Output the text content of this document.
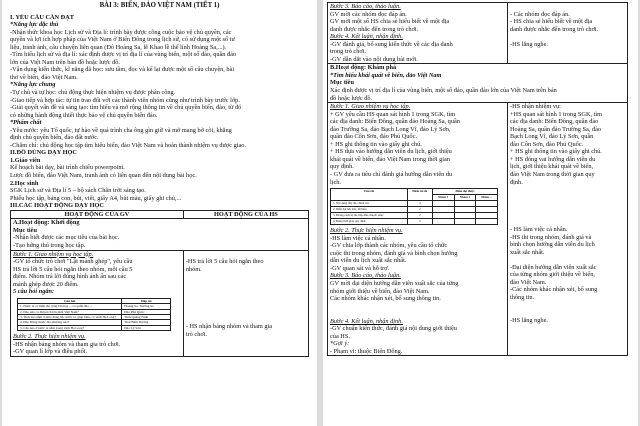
BÀI 3: BIỂN, ĐẢO VIỆT NAM (TIẾT 1)
I. YÊU CẦU CẦN ĐẠT
*Năng lực đặc thù
-Nhận thức khoa học Lịch sử và Địa lí: trình bày được công cuộc bảo vệ chủ quyền, các
quyền và lợi ích hợp pháp của Việt Nam ở Biển Đông trong lịch sử, có sử dụng một số tư
liệu, tranh ảnh, câu chuyện liên quan (Đô Hoàng Sa, lễ Khao lề thế lính Hoàng Sa,...).
-Tìm hiểu lịch sử và địa lí: xác định được vị trí địa lí của vùng biển, một số đảo, quần đảo
lớn của Việt Nam trên bản đồ hoặc lược đồ.
-Vận dụng kiến thức, kĩ năng đã học: sưu tầm, đọc và kể lại được một số câu chuyện, bài
thơ về biển, đảo Việt Nam.
*Năng lực chung
-Tự chủ và tự học: chủ động thực hiện nhiệm vụ được phân công.
-Giao tiếp và hợp tác: tự tin trao đổi với các thành viên nhóm cũng như trình bày trước lớp.
-Giải quyết vấn đề và sáng tạo: tìm hiểu và mở rộng thông tin về chủ quyền biển, đảo, từ đó
có những hành động thiết thực bảo vệ chủ quyền biển đảo.
*Phẩm chất
-Yêu nước: yêu Tổ quốc, tự hào về quá trình cha ông gìn giữ và mở mang bờ cõi, khẳng
định chủ quyền biển, đảo đất nước.
-Chăm chỉ: chủ động học tập tìm hiểu biển, đảo Việt Nam và hoàn thành nhiệm vụ được giao.
II.ĐỒ DÙNG DẠY HỌC
1.Giáo viên
Kế hoạch bài dạy, bài trình chiếu powerpoint.
Lược đồ biển, đảo Việt Nam, tranh ảnh có liên quan đến nội dung bài học.
2.Học sinh
SGK Lịch sử và Địa lí 5 – bộ sách Chân trời sáng tạo.
Phiếu học tập, bảng con, bút, viết, giấy A4, bút màu, giấy ghi chú,...
III.CÁC HOẠT ĐỘNG DẠY HỌC
HOẠT ĐỘNG CỦA GV	HOẠT ĐỘNG CỦA HS

A.Hoạt động: Khởi động
Mục tiêu
-Nhận biết được các mục tiêu của bài học.
-Tạo hứng thú trong học tập.

Bước 1. Giao nhiệm vụ học tập.
-GV tổ chức trò chơi "Lật mảnh ghép", yêu cầu
HS trả lời 5 câu hỏi ngắn theo nhóm, mỗi câu 5
điểm. Nhóm trả lời đúng hình ảnh ẩn sau các
mảnh ghép được 20 điểm.
5 câu hỏi ngắn:
Câu hỏi	Đáp án
1. Nước ta có lãnh thổ rộng lớn hay ... có quần đảo ...	Hoàng Sa, Trường Sa
2. Đảo nào có diện tích lớn nhất Việt Nam?	Đảo Phú Quốc
3. Tỉnh nào nằm ở phía đông bắc nước ta, giáp biển, có vịnh Hạ Long?	Tỉnh Quảng Ninh
4. Đảo Đông thuộc địa phương nào?	Thái Bình Dương
5. Câu nào ở nước ta nằm trong vịnh Hạ Long?	Đảo Lý Sơn
Bước 2. Thực hiện nhiệm vụ.
-HS nhận bảng nhóm và tham gia trò chơi.
-GV quan lí lớp và điều phối.

-HS trả lời 5 câu hỏi ngắn theo
nhóm.
- HS nhận bảng nhóm và tham gia
trò chơi.
Bước 3. Báo cáo, thảo luận.
GV mời các nhóm đọc đáp án.
GV mời một số HS chia sẻ hiểu biết về một địa
danh được nhắc đến trong trò chơi.
Bước 4. Kết luận, nhận định.
-GV đánh giá, bổ sung kiến thức về các địa danh
trong trò chơi.
-GV dẫn dắt vào nội dung bài mới.

- Các nhóm đọc đáp án.
- HS chia sẻ hiểu biết về một địa
danh được nhắc đến trong trò chơi.
-HS lắng nghe.

B.Hoạt động: Khám phá
*Tìm hiểu khái quát về biển, đảo Việt Nam
Mục tiêu
Xác định được vị trí địa lí của vùng biển, một số đảo, quần đảo lớn của Việt Nam trên bản
đồ hoặc lược đồ.

Bước 1. Giao nhiệm vụ học tập.
+ GV yêu cầu HS quan sát hình 1 trong SGK, tìm
các địa danh: Biển Đông, quần đảo Hoàng Sa, quần
đảo Trường Sa, đảo Bạch Long Vĩ, đảo Lý Sơn,
quần đảo Côn Sơn, đảo Phú Quốc.
+ HS ghi thông tin vào giấy ghi chú.
+ HS dựa vào hướng dẫn viên du lịch, giới thiệu
khái quát về biển, đảo Việt Nam trong thời gian
quy định.
- GV đưa ra tiêu chí đánh giá hướng dẫn viên du
lịch.
Tiêu chí	Điểm tối đa	Điểm đạt được
Nhóm 1	Nhóm 2	Nhóm ...
1. Nội dung đầy đủ, chính xác	4			
2. Diễn đạt lưu loát, dễ hiểu	2			
3. Phong cách tự tin, hấp dẫn, thuyết phục	2			
4. Đúng thời gian quy định	2			
Bước 2. Thực hiện nhiệm vụ.
-HS làm việc cá nhân.
-GV chia lớp thành các nhóm, yêu cầu tổ chức
cuộc thi trong nhóm, đánh giá và bình chọn hướng
dẫn viên du lịch xuất sắc nhất.
-GV quan sát và hỗ trợ.
Bước 3. Báo cáo, thảo luận.
GV mời đại diện hướng dẫn viên xuất sắc của từng
nhóm giới thiệu về biển, đảo Việt Nam.
Các nhóm khác nhận xét, bổ sung thông tin.
Bước 4. Kết luận, nhận định.
-GV chuẩn kiến thức, đánh giá nội dung giới thiệu
của HS.
*Gợi ý:
- Phạm vi: thuộc Biển Đông.

-HS nhận nhiệm vụ:
+HS quan sát hình 1 trong SGK, tìm
các địa danh: Biển Đông, quần đảo
Hoàng Sa, quần đảo Trường Sa, đảo
Bạch Long Vĩ, đảo Lý Sơn, quần
đảo Côn Sơn, đảo Phú Quốc.
+ HS ghi thông tin vào giấy ghi chú.
+ HS đóng vai hướng dẫn viên du
lịch, giới thiệu khái quát về biển,
đảo Việt Nam trong thời gian quy
định.
- HS làm việc cá nhân.
-HS thi trong nhóm, đánh giá và
bình chọn hướng dẫn viên du lịch
xuất sắc nhất.
-Đại diện hướng dẫn viên xuất sắc
của từng nhóm giới thiệu về biển,
đảo Việt Nam.
-Các nhóm khác nhận xét, bổ sung
thông tin.
-HS lắng nghe.
